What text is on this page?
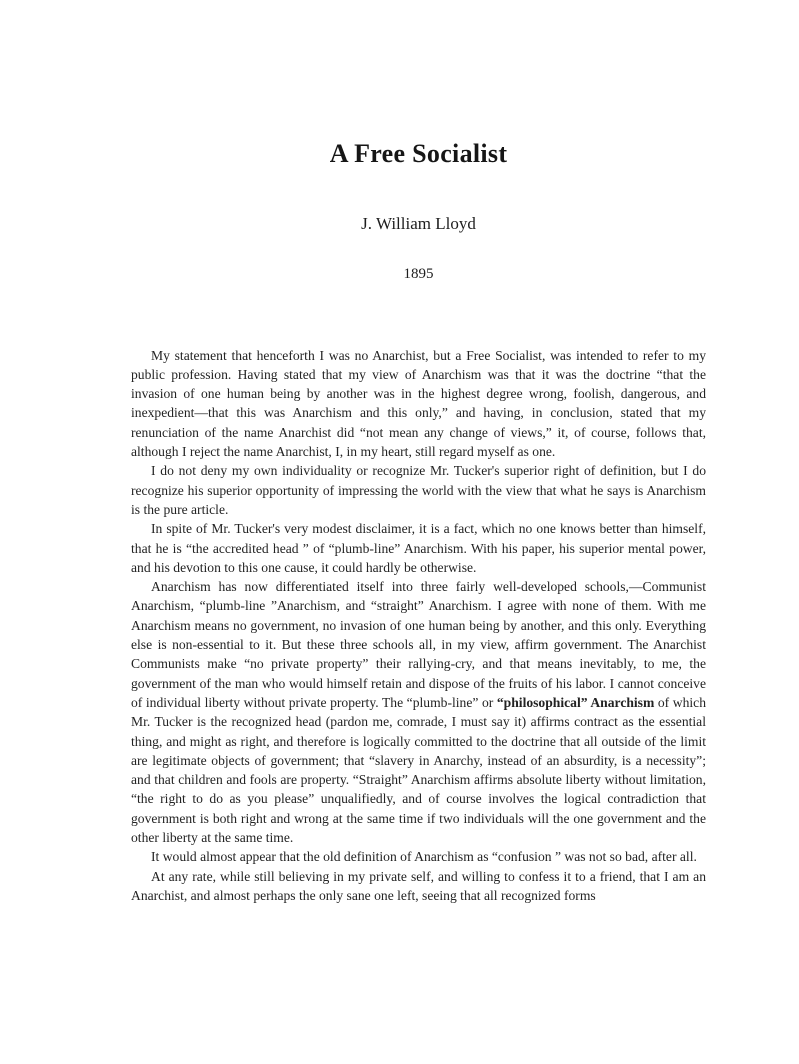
A Free Socialist
J. William Lloyd
1895

My statement that henceforth I was no Anarchist, but a Free Socialist, was intended to refer to my public profession. Having stated that my view of Anarchism was that it was the doctrine “that the invasion of one human being by another was in the highest degree wrong, foolish, dangerous, and inexpedient—that this was Anarchism and this only,” and having, in conclusion, stated that my renunciation of the name Anarchist did “not mean any change of views,” it, of course, follows that, although I reject the name Anarchist, I, in my heart, still regard myself as one.

I do not deny my own individuality or recognize Mr. Tucker's superior right of definition, but I do recognize his superior opportunity of impressing the world with the view that what he says is Anarchism is the pure article.

In spite of Mr. Tucker's very modest disclaimer, it is a fact, which no one knows better than himself, that he is “the accredited head ” of “plumb-line” Anarchism. With his paper, his superior mental power, and his devotion to this one cause, it could hardly be otherwise.

Anarchism has now differentiated itself into three fairly well-developed schools,—Communist Anarchism, “plumb-line ”Anarchism, and “straight” Anarchism. I agree with none of them. With me Anarchism means no government, no invasion of one human being by another, and this only. Everything else is non-essential to it. But these three schools all, in my view, affirm government. The Anarchist Communists make “no private property” their rallying-cry, and that means inevitably, to me, the government of the man who would himself retain and dispose of the fruits of his labor. I cannot conceive of individual liberty without private property. The “plumb-line” or “philosophical” Anarchism of which Mr. Tucker is the recognized head (pardon me, comrade, I must say it) affirms contract as the essential thing, and might as right, and therefore is logically committed to the doctrine that all outside of the limit are legitimate objects of government; that “slavery in Anarchy, instead of an absurdity, is a necessity”; and that children and fools are property. “Straight” Anarchism affirms absolute liberty without limitation, “the right to do as you please” unqualifiedly, and of course involves the logical contradiction that government is both right and wrong at the same time if two individuals will the one government and the other liberty at the same time.

It would almost appear that the old definition of Anarchism as “confusion ” was not so bad, after all.

At any rate, while still believing in my private self, and willing to confess it to a friend, that I am an Anarchist, and almost perhaps the only sane one left, seeing that all recognized forms
